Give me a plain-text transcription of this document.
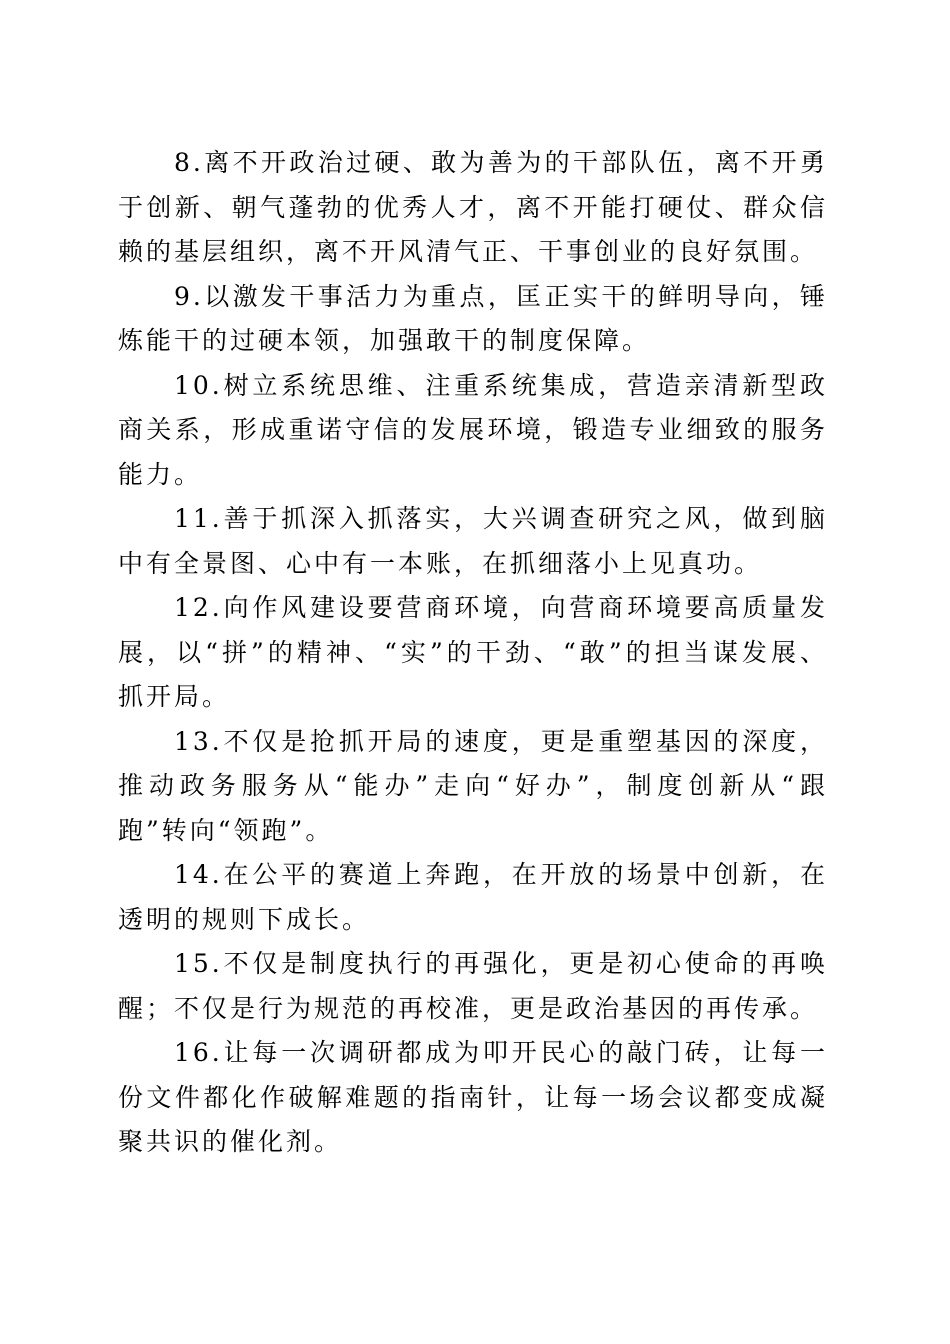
8.离不开政治过硬、敢为善为的干部队伍，离不开勇于创新、朝气蓬勃的优秀人才，离不开能打硬仗、群众信赖的基层组织，离不开风清气正、干事创业的良好氛围。

9.以激发干事活力为重点，匡正实干的鲜明导向，锤炼能干的过硬本领，加强敢干的制度保障。

10.树立系统思维、注重系统集成，营造亲清新型政商关系，形成重诺守信的发展环境，锻造专业细致的服务能力。

11.善于抓深入抓落实，大兴调查研究之风，做到脑中有全景图、心中有一本账，在抓细落小上见真功。

12.向作风建设要营商环境，向营商环境要高质量发展，以“拼”的精神、“实”的干劲、“敢”的担当谋发展、抓开局。

13.不仅是抢抓开局的速度，更是重塑基因的深度，推动政务服务从“能办”走向“好办”，制度创新从“跟跑”转向“领跑”。

14.在公平的赛道上奔跑，在开放的场景中创新，在透明的规则下成长。

15.不仅是制度执行的再强化，更是初心使命的再唤醒；不仅是行为规范的再校准，更是政治基因的再传承。

16.让每一次调研都成为叩开民心的敲门砖，让每一份文件都化作破解难题的指南针，让每一场会议都变成凝聚共识的催化剂。
